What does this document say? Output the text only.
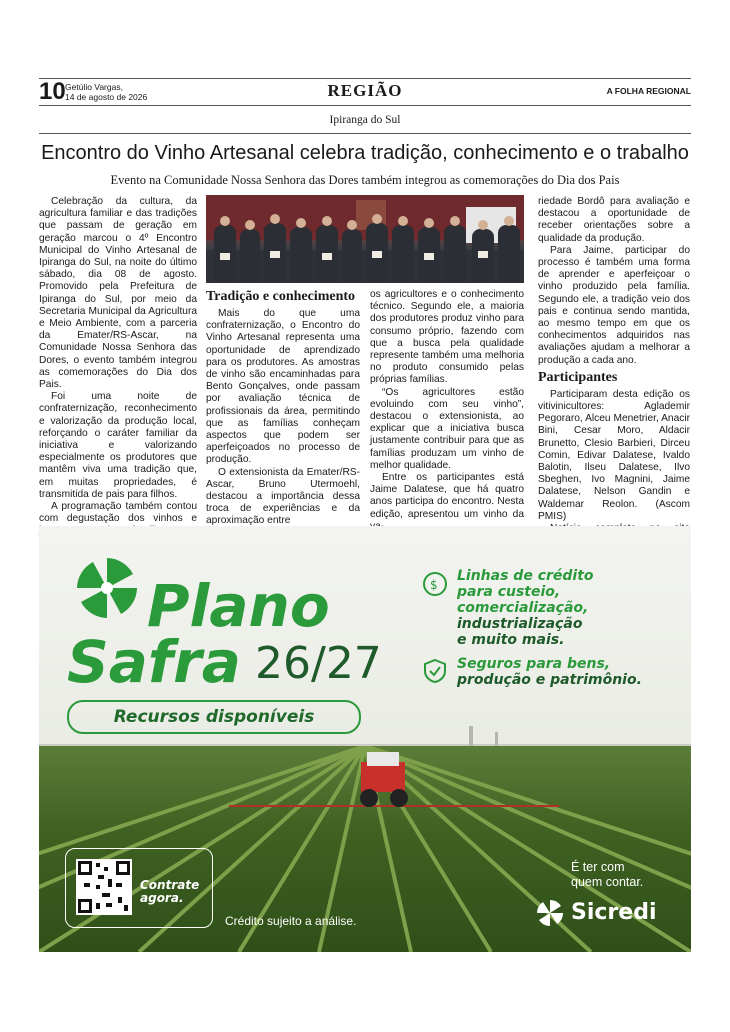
10 Getúlio Vargas,
14 de agosto de 2026	REGIÃO	A FOLHA REGIONAL
Ipiranga do Sul
Encontro do Vinho Artesanal celebra tradição, conhecimento e o trabalho
Evento na Comunidade Nossa Senhora das Dores também integrou as comemorações do Dia dos Pais

Celebração da cultura, da agricultura familiar e das tradições que passam de geração em geração marcou o 4º Encontro Municipal do Vinho Artesanal de Ipiranga do Sul, na noite do último sábado, dia 08 de agosto. Promovido pela Prefeitura de Ipiranga do Sul, por meio da Secretaria Municipal da Agricultura e Meio Ambiente, com a parceria da Emater/RS-Ascar, na Comunidade Nossa Senhora das Dores, o evento também integrou as comemorações do Dia dos Pais.

Foi uma noite de confraternização, reconhecimento e valorização da produção local, reforçando o caráter familiar da iniciativa e valorizando especialmente os produtores que mantêm viva uma tradição que, em muitas propriedades, é transmitida de pais para filhos.

A programação também contou com degustação dos vinhos e

Tradição e conhecimento

Mais do que uma confraternização, o Encontro do Vinho Artesanal representa uma oportunidade de aprendizado para os produtores. As amostras de vinho são encaminhadas para Bento Gonçalves, onde passam por avaliação técnica de profissionais da área, permitindo que as famílias conheçam aspectos que podem ser aperfeiçoados no processo de produção.

O extensionista da Emater/RS-Ascar, Bruno Utermoehl, destacou a importância dessa troca de experiências e da aproximação entre

os agricultores e o conhecimento técnico. Segundo ele, a maioria dos produtores produz vinho para consumo próprio, fazendo com que a busca pela qualidade represente também uma melhoria no produto consumido pelas próprias famílias.

“Os agricultores estão evoluindo com seu vinho”, destacou o extensionista, ao explicar que a iniciativa busca justamente contribuir para que as famílias produzam um vinho de melhor qualidade.

Entre os participantes está Jaime Dalatese, que há quatro anos participa do encontro. Nesta edição, apresentou um vinho da

riedade Bordô para avaliação e destacou a oportunidade de receber orientações sobre a qualidade da produção.

Para Jaime, participar do processo é também uma forma de aprender e aperfeiçoar o vinho produzido pela família. Segundo ele, a tradição veio dos pais e continua sendo mantida, ao mesmo tempo em que os conhecimentos adquiridos nas avaliações ajudam a melhorar a produção a cada ano.

Participantes

Participaram desta edição os vitivinicultores: Aglademir Pegoraro, Alceu Menetrier, Anacir Bini, Cesar Moro, Aldacir Brunetto, Clesio Barbieri, Dirceu Comin, Edivar Dalatese, Ivaldo Balotin, Ilseu Dalatese, Ilvo Sbeghen, Ivo Magnini, Jaime Dalatese, Nelson Gandin e Waldemar Reolon. (Ascom PMIS)

Plano
Safra 26/27
Recursos disponíveis
$
Linhas de crédito
para custeio,
comercialização,
industrialização
e muito mais.
Seguros para bens,
produção e patrimônio.
Contrate
agora.
Crédito sujeito a análise.
É ter com
quem contar.
Sicredi
